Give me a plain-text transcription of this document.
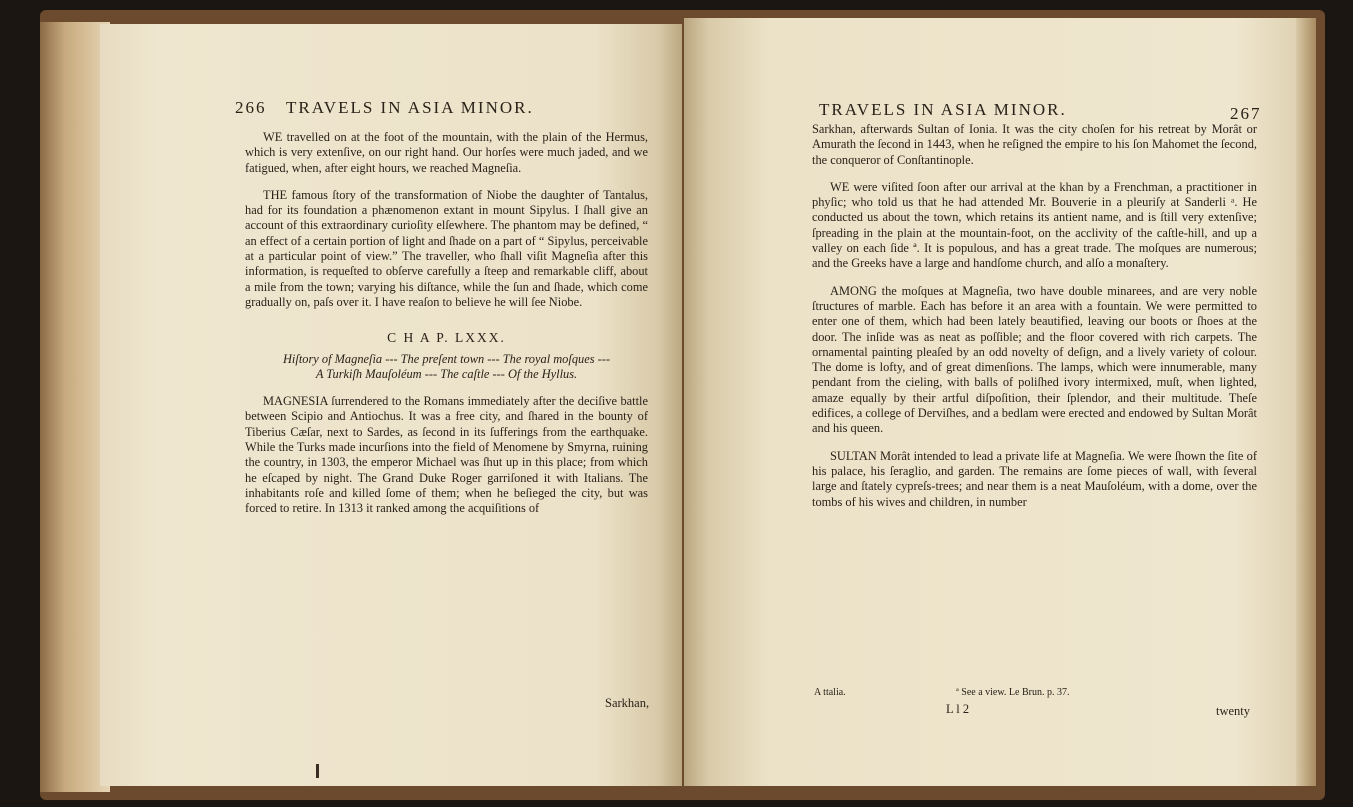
266 TRAVELS IN ASIA MINOR.

WE travelled on at the foot of the mountain, with the plain of the Hermus, which is very extenſive, on our right hand. Our horſes were much jaded, and we fatigued, when, after eight hours, we reached Magneſia.

THE famous ſtory of the transformation of Niobe the daughter of Tantalus, had for its foundation a phænomenon extant in mount Sipylus. I ſhall give an account of this extraordinary curioſity elſewhere. The phantom may be defined, “ an effect of a certain portion of light and ſhade on a part of “ Sipylus, perceivable at a particular point of view.” The traveller, who ſhall viſit Magneſia after this information, is requeſted to obſerve carefully a ſteep and remarkable cliff, about a mile from the town; varying his diſtance, while the ſun and ſhade, which come gradually on, paſs over it. I have reaſon to believe he will ſee Niobe.

C H A P. LXXX.
Hiſtory of Magneſia --- The preſent town --- The royal moſques ---
A Turkiſh Mauſoléum --- The caſtle --- Of the Hyllus.

MAGNESIA ſurrendered to the Romans immediately after the deciſive battle between Scipio and Antiochus. It was a free city, and ſhared in the bounty of Tiberius Cæſar, next to Sardes, as ſecond in its ſufferings from the earthquake. While the Turks made incurſions into the field of Menomene by Smyrna, ruining the country, in 1303, the emperor Michael was ſhut up in this place; from which he eſcaped by night. The Grand Duke Roger garriſoned it with Italians. The inhabitants roſe and killed ſome of them; when he beſieged the city, but was forced to retire. In 1313 it ranked among the acquiſitions of

Sarkhan,
TRAVELS IN ASIA MINOR.	267

Sarkhan, afterwards Sultan of Ionia. It was the city choſen for his retreat by Morât or Amurath the ſecond in 1443, when he reſigned the empire to his ſon Mahomet the ſecond, the conqueror of Conſtantinople.

WE were viſited ſoon after our arrival at the khan by a Frenchman, a practitioner in phyſic; who told us that he had attended Mr. Bouverie in a pleuriſy at Sanderli ᵃ. He conducted us about the town, which retains its antient name, and is ſtill very extenſive; ſpreading in the plain at the mountain-foot, on the acclivity of the caſtle-hill, and up a valley on each ſide ª. It is populous, and has a great trade. The moſques are numerous; and the Greeks have a large and handſome church, and alſo a monaſtery.

AMONG the moſques at Magneſia, two have double minarees, and are very noble ſtructures of marble. Each has before it an area with a fountain. We were permitted to enter one of them, which had been lately beautified, leaving our boots or ſhoes at the door. The inſide was as neat as poſſible; and the floor covered with rich carpets. The ornamental painting pleaſed by an odd novelty of deſign, and a lively variety of colour. The dome is lofty, and of great dimenſions. The lamps, which were innumerable, many pendant from the cieling, with balls of poliſhed ivory intermixed, muſt, when lighted, amaze equally by their artful diſpoſition, their ſplendor, and their multitude. Theſe edifices, a college of Derviſhes, and a bedlam were erected and endowed by Sultan Morât and his queen.

SULTAN Morât intended to lead a private life at Magneſia. We were ſhown the ſite of his palace, his ſeraglio, and garden. The remains are ſome pieces of wall, with ſeveral large and ſtately cypreſs-trees; and near them is a neat Mauſoléum, with a dome, over the tombs of his wives and children, in number

A ttalia.	ª See a view. Le Brun. p. 37.
L l 2	twenty
